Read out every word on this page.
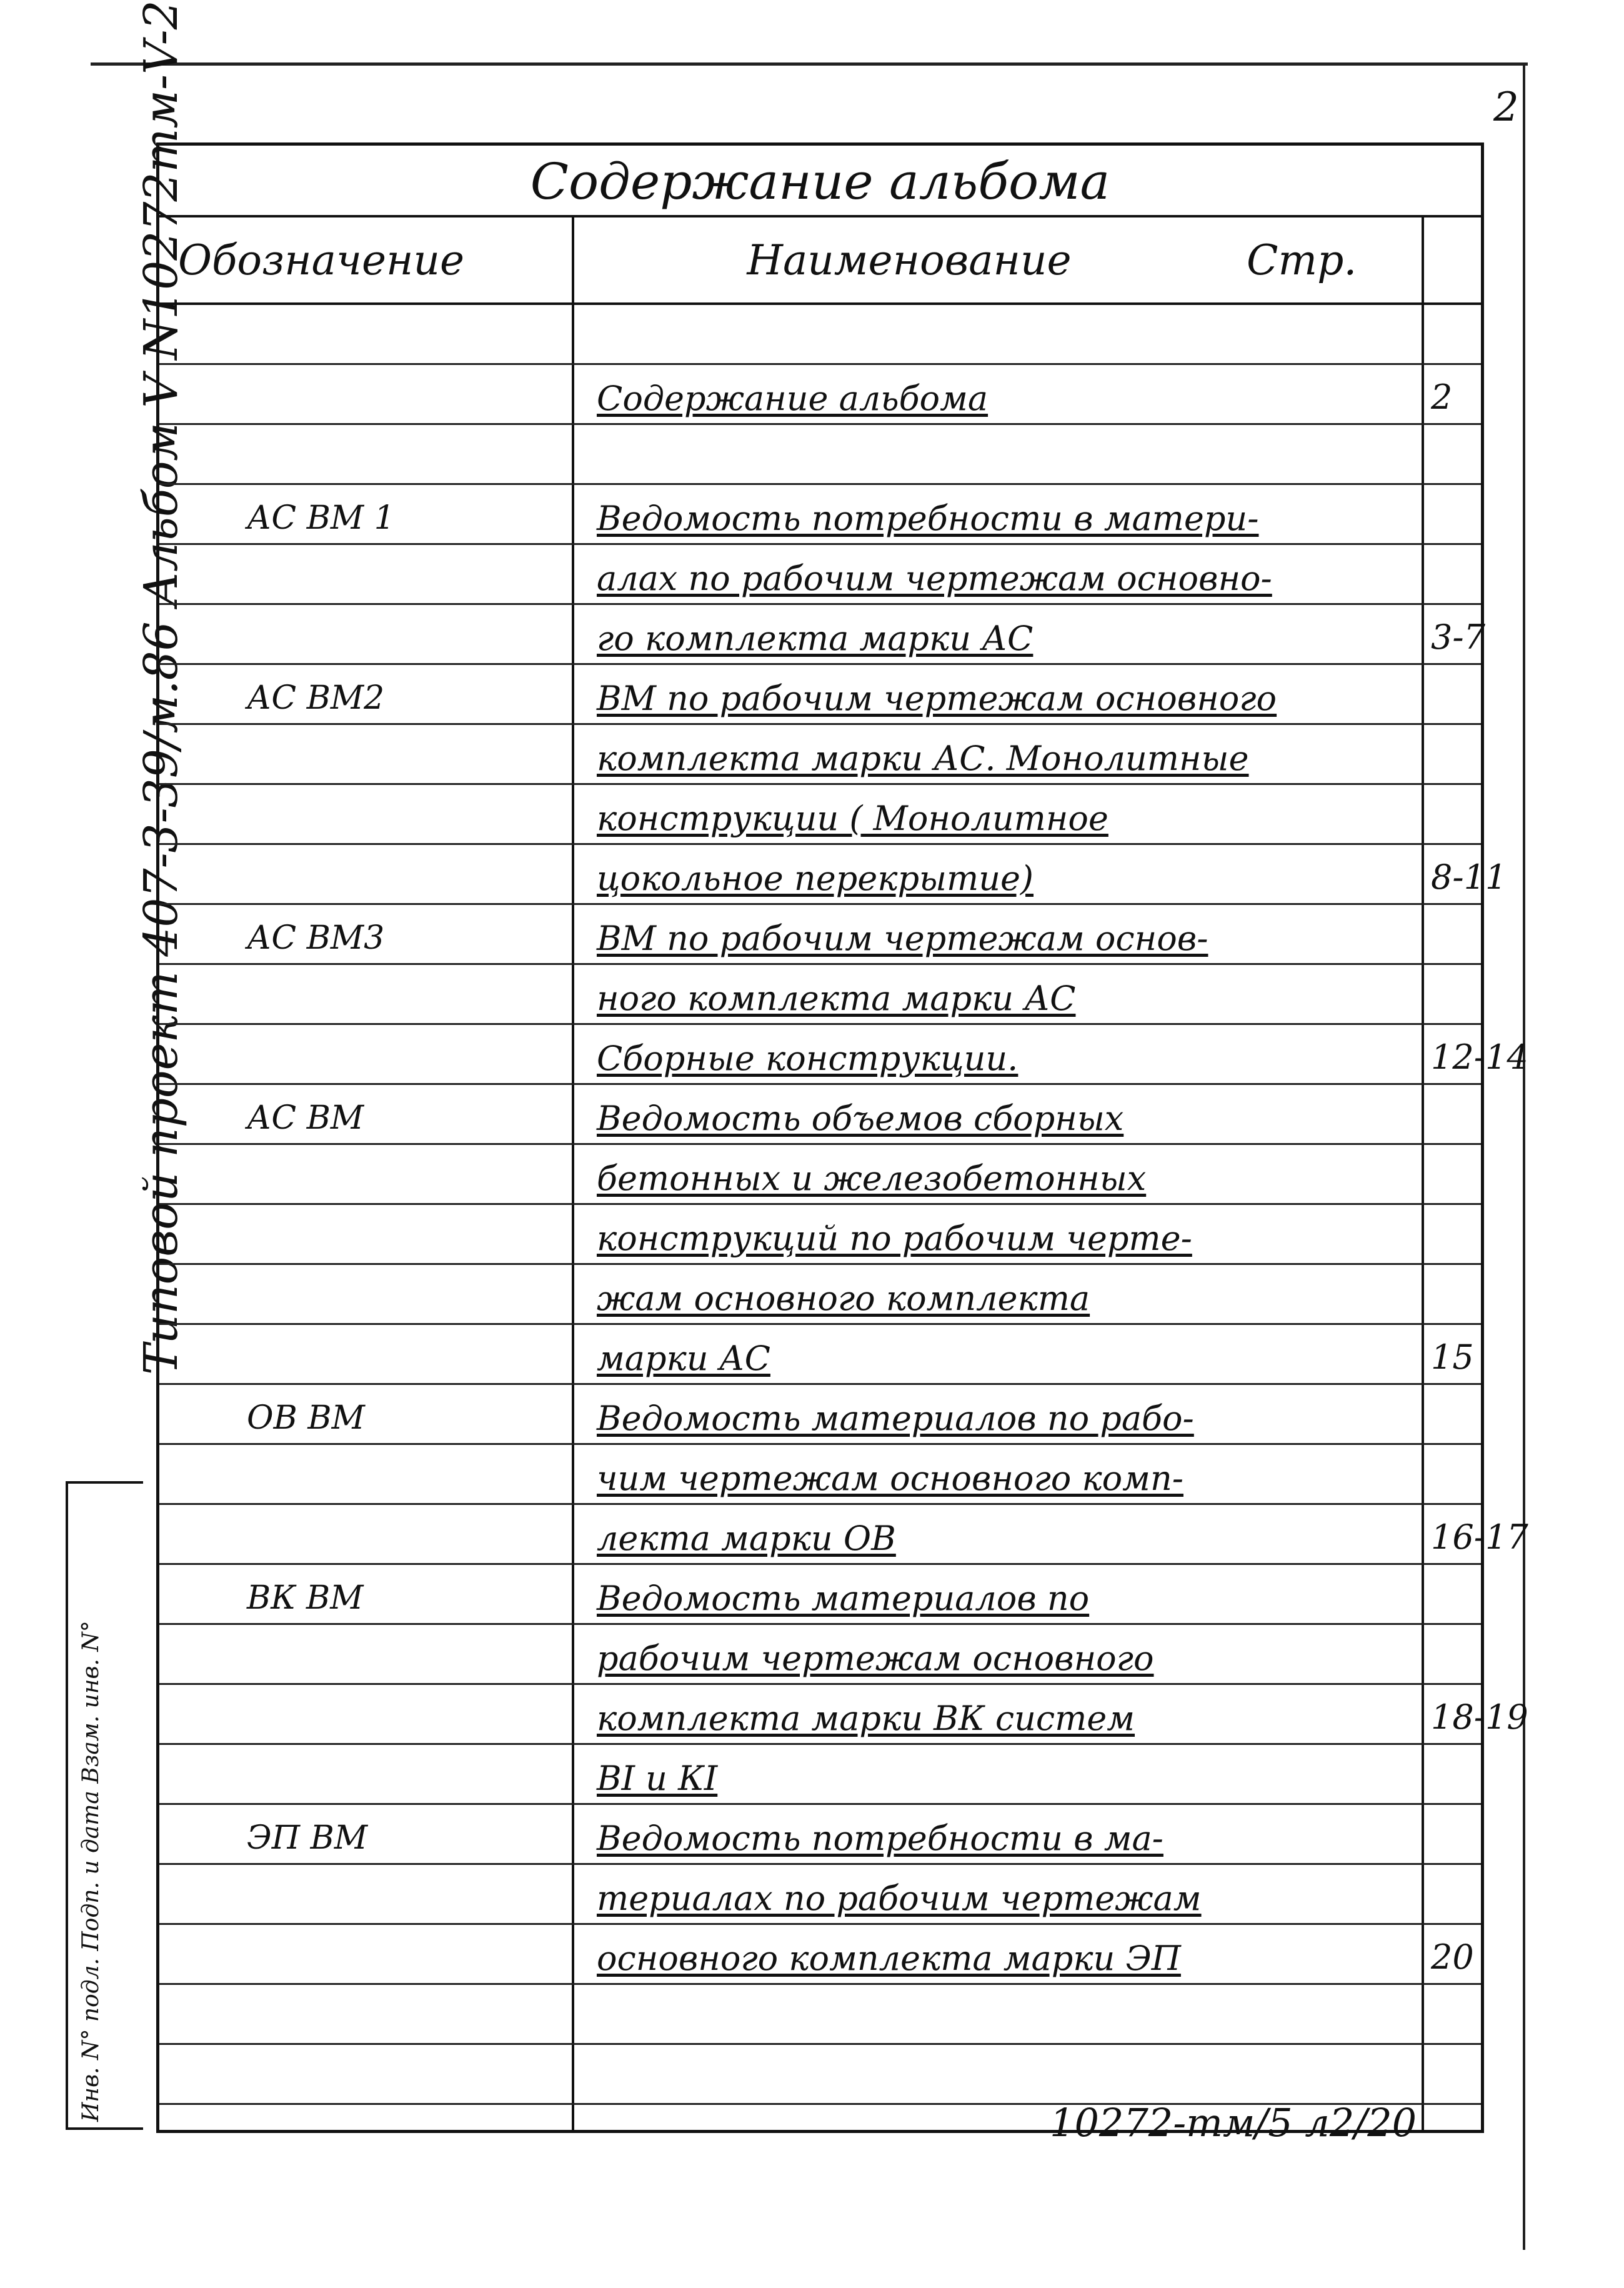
2
Типовой проект 407-3-39/м.86 Альбом V N10272тм-V-2
Инв. N° подл. Подп. и дата Взам. инв. N°
Содержание альбома
Обозначение	Наименование	Стр.
Содержание альбома	2
АС ВМ 1	Ведомость потребности в матери-
алах по рабочим чертежам основно-
го комплекта марки АС	3-7
АС ВМ2	ВМ по рабочим чертежам основного
комплекта марки АС. Монолитные
конструкции ( Монолитное
цокольное перекрытие)	8-11
АС ВМ3	ВМ по рабочим чертежам основ-
ного комплекта марки АС
Сборные конструкции.	12-14
АС ВМ	Ведомость объемов сборных
бетонных и железобетонных
конструкций по рабочим черте-
жам основного комплекта
марки АС	15
ОВ ВМ	Ведомость материалов по рабо-
чим чертежам основного комп-
лекта марки ОВ	16-17
ВК ВМ	Ведомость материалов по
рабочим чертежам основного
комплекта марки ВК систем	18-19
ВI и КI
ЭП ВМ	Ведомость потребности в ма-
териалах по рабочим чертежам
основного комплекта марки ЭП	20
10272-тм/5 л2/20
